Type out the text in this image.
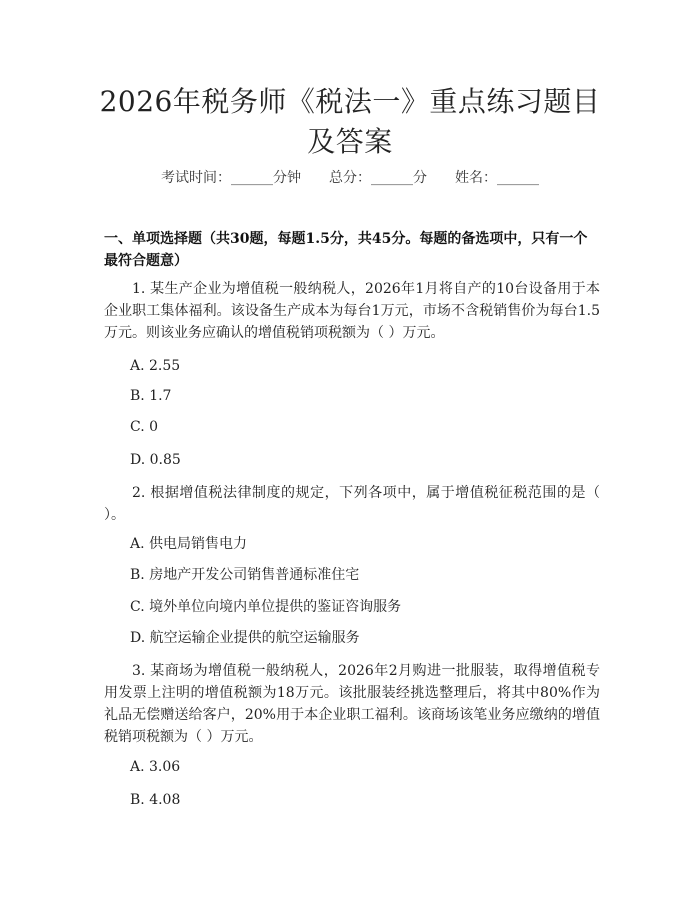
2026年税务师《税法一》重点练习题目及答案
考试时间：______分钟 总分：______分 姓名：______
一、单项选择题（共30题，每题1.5分，共45分。每题的备选项中，只有一个最符合题意）
1. 某生产企业为增值税一般纳税人，2026年1月将自产的10台设备用于本企业职工集体福利。该设备生产成本为每台1万元，市场不含税销售价为每台1.5万元。则该业务应确认的增值税销项税额为（ ）万元。
A. 2.55
B. 1.7
C. 0
D. 0.85
2. 根据增值税法律制度的规定，下列各项中，属于增值税征税范围的是（ ）。
A. 供电局销售电力
B. 房地产开发公司销售普通标准住宅
C. 境外单位向境内单位提供的鉴证咨询服务
D. 航空运输企业提供的航空运输服务
3. 某商场为增值税一般纳税人，2026年2月购进一批服装，取得增值税专用发票上注明的增值税额为18万元。该批服装经挑选整理后，将其中80%作为礼品无偿赠送给客户，20%用于本企业职工福利。该商场该笔业务应缴纳的增值税销项税额为（ ）万元。
A. 3.06
B. 4.08
